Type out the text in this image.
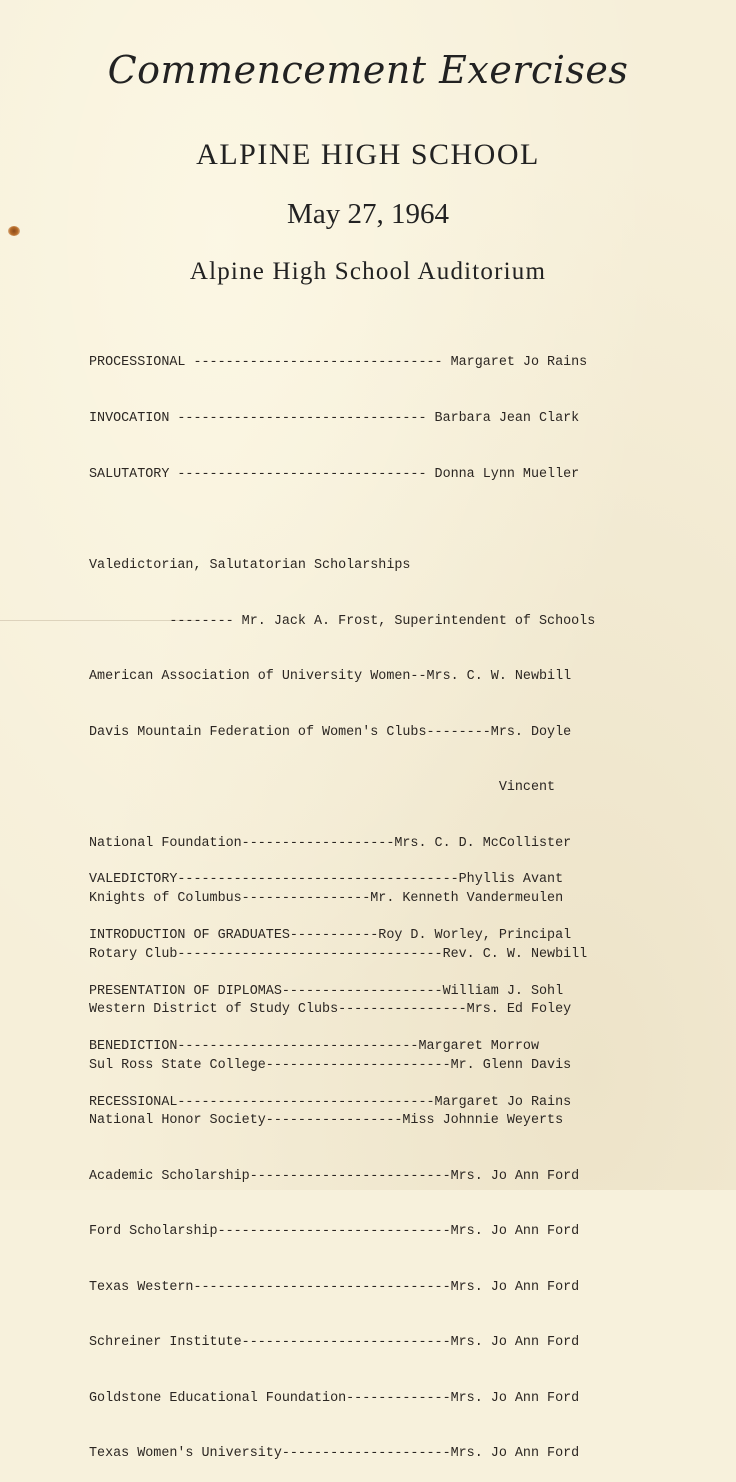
Commencement Exercises
ALPINE HIGH SCHOOL
May 27, 1964
Alpine High School Auditorium
PROCESSIONAL ------------------------------- Margaret Jo Rains
INVOCATION ------------------------------- Barbara Jean Clark
SALUTATORY ------------------------------- Donna Lynn Mueller

Valedictorian, Salutatorian Scholarships

-------- Mr. Jack A. Frost, Superintendent of Schools

American Association of University Women--Mrs. C. W. Newbill

Davis Mountain Federation of Women's Clubs--------Mrs. Doyle

Vincent

National Foundation-------------------Mrs. C. D. McCollister

Knights of Columbus----------------Mr. Kenneth Vandermeulen

Rotary Club---------------------------------Rev. C. W. Newbill

Western District of Study Clubs----------------Mrs. Ed Foley

Sul Ross State College-----------------------Mr. Glenn Davis

National Honor Society-----------------Miss Johnnie Weyerts

Academic Scholarship-------------------------Mrs. Jo Ann Ford

Ford Scholarship-----------------------------Mrs. Jo Ann Ford

Texas Western--------------------------------Mrs. Jo Ann Ford

Schreiner Institute--------------------------Mrs. Jo Ann Ford

Goldstone Educational Foundation-------------Mrs. Jo Ann Ford

Texas Women's University---------------------Mrs. Jo Ann Ford

VALEDICTORY-----------------------------------Phyllis Avant
INTRODUCTION OF GRADUATES-----------Roy D. Worley, Principal
PRESENTATION OF DIPLOMAS--------------------William J. Sohl
BENEDICTION------------------------------Margaret Morrow
RECESSIONAL--------------------------------Margaret Jo Rains
